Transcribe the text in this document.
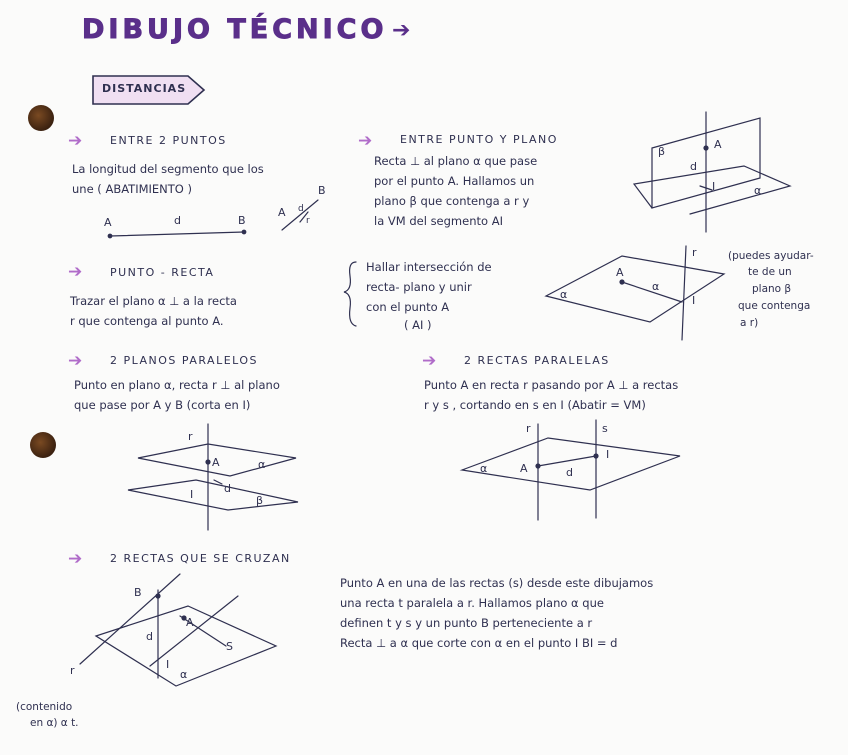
DIBUJO TÉCNICO ➔
DISTANCIAS
➔	ENTRE 2 PUNTOS
La longitud del segmento que los
une ( ABATIMIENTO )
➔	ENTRE PUNTO Y PLANO
Recta ⊥ al plano α que pase
por el punto A. Hallamos un
plano β que contenga a r y
la VM del segmento AI
➔	PUNTO - RECTA
Trazar el plano α ⊥ a la recta
r que contenga al punto A.
Hallar intersección de
recta- plano y unir
con el punto A
( AI )
(puedes ayudar-
te de un
plano β
que contenga
a r)
➔	2 PLANOS PARALELOS
Punto en plano α, recta r ⊥ al plano
que pase por A y B (corta en I)
➔	2 RECTAS PARALELAS
Punto A en recta r pasando por A ⊥ a rectas
r y s , cortando en s en I (Abatir = VM)
➔	2 RECTAS QUE SE CRUZAN
Punto A en una de las rectas (s) desde este dibujamos
una recta t paralela a r. Hallamos plano α que
definen t y s y un punto B perteneciente a r
Recta ⊥ a α que corte con α en el punto I BI = d
(contenido
en α) α t.
A	d	B
B
A d
r
β
A
d
I	α
A
α
α
I
r
r
A	α
I	d
β
r	s
α	A	d
I
B
d
A
S
I
α
r
